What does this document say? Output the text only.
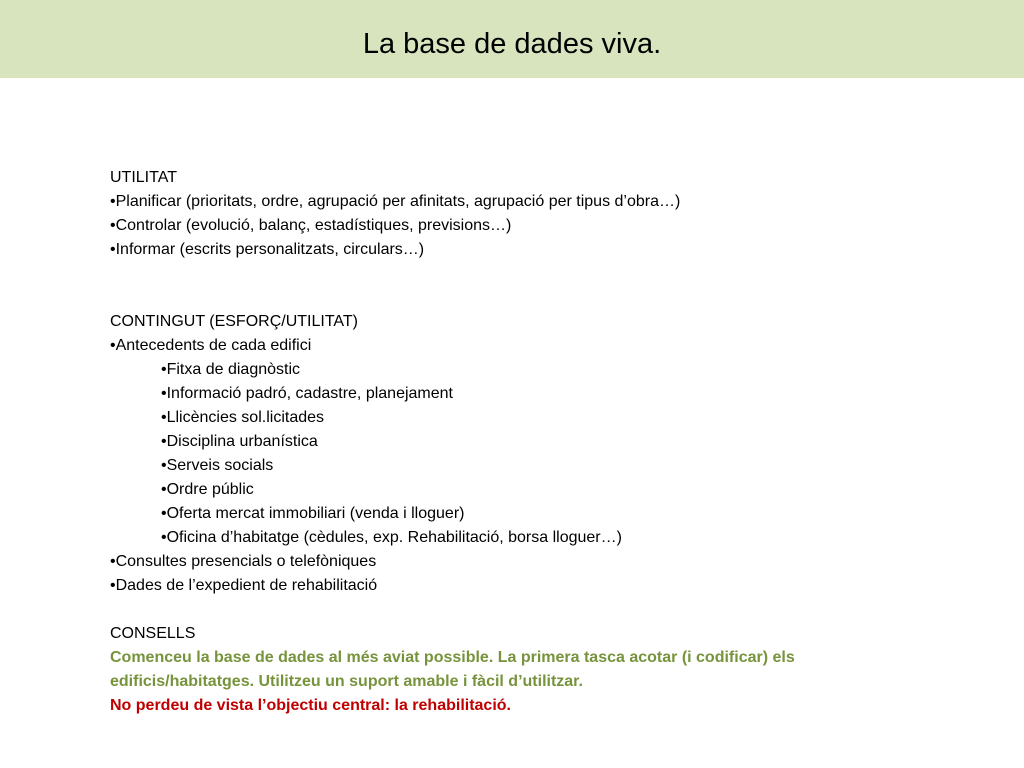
La base de dades viva.
UTILITAT
•Planificar (prioritats, ordre, agrupació per afinitats, agrupació per tipus d’obra…)
•Controlar (evolució, balanç, estadístiques, previsions…)
•Informar (escrits personalitzats, circulars…)
CONTINGUT (ESFORÇ/UTILITAT)
•Antecedents de cada edifici
•Fitxa de diagnòstic
•Informació padró, cadastre, planejament
•Llicències sol.licitades
•Disciplina urbanística
•Serveis socials
•Ordre públic
•Oferta mercat immobiliari (venda i lloguer)
•Oficina d’habitatge (cèdules, exp. Rehabilitació, borsa lloguer…)
•Consultes presencials o telefòniques
•Dades de l’expedient de rehabilitació
CONSELLS
Comenceu la base de dades al més aviat possible. La primera tasca acotar (i codificar) els edificis/habitatges. Utilitzeu un suport amable i fàcil d’utilitzar.
No perdeu de vista l’objectiu central: la rehabilitació.
